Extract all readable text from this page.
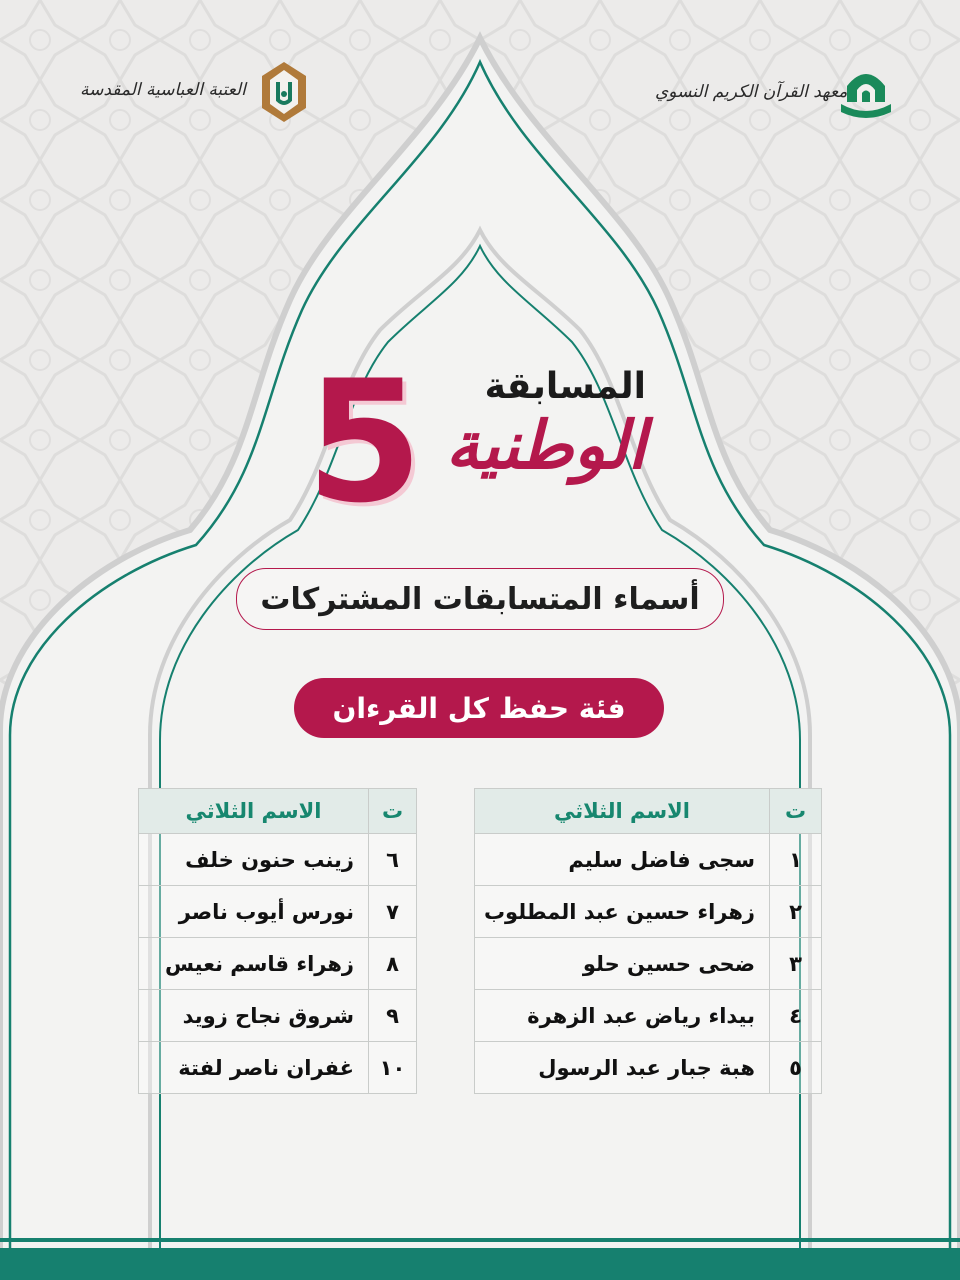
العتبة العباسية المقدسة	معهد القرآن الكريم النسوي
المسابقة
5 الوطنية
أسماء المتسابقات المشتركات
فئة حفظ كل القرءان
ت	الاسم الثلاثي
١	سجى فاضل سليم
٢	زهراء حسين عبد المطلوب
٣	ضحى حسين حلو
٤	بيداء رياض عبد الزهرة
٥	هبة جبار عبد الرسول
ت	الاسم الثلاثي
٦	زينب حنون خلف
٧	نورس أيوب ناصر
٨	زهراء قاسم نعيس
٩	شروق نجاح زويد
١٠	غفران ناصر لفتة
